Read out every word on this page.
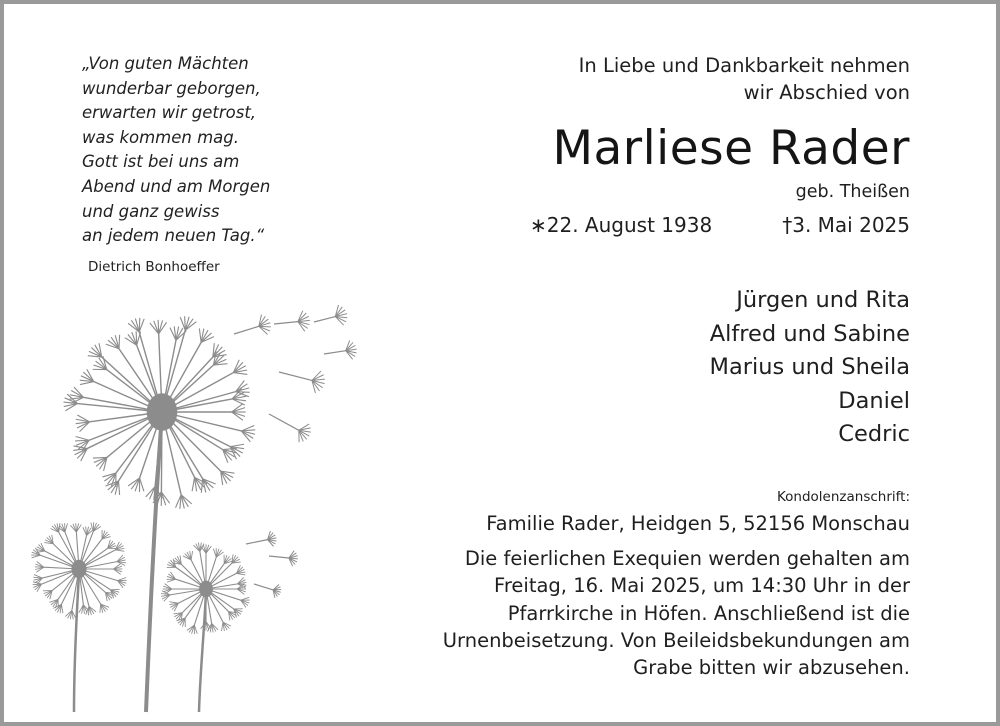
„Von guten Mächten
wunderbar geborgen,
erwarten wir getrost,
was kommen mag.
Gott ist bei uns am
Abend und am Morgen
und ganz gewiss
an jedem neuen Tag.“
Dietrich Bonhoeffer
In Liebe und Dankbarkeit nehmen
wir Abschied von
Marliese Rader
geb. Theißen
∗22. August 1938	†3. Mai 2025
Jürgen und Rita
Alfred und Sabine
Marius und Sheila
Daniel
Cedric
Kondolenzanschrift:
Familie Rader, Heidgen 5, 52156 Monschau
Die feierlichen Exequien werden gehalten am
Freitag, 16. Mai 2025, um 14:30 Uhr in der
Pfarrkirche in Höfen. Anschließend ist die
Urnenbeisetzung. Von Beileidsbekundungen am
Grabe bitten wir abzusehen.
